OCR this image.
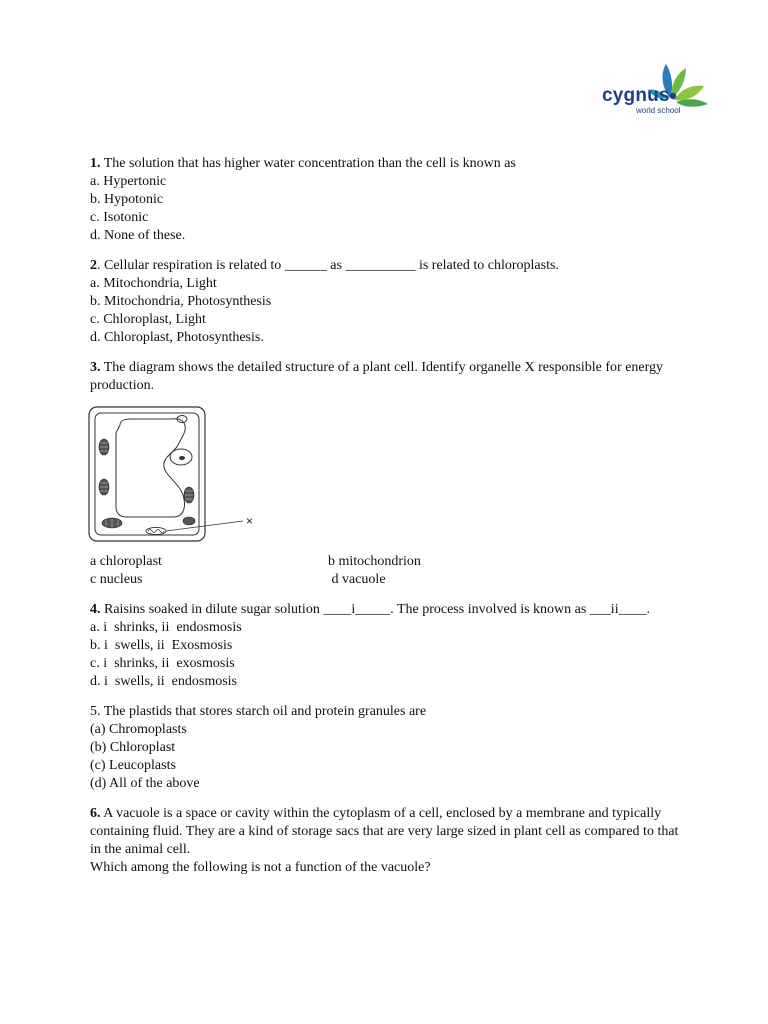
cygnus
world school
1. The solution that has higher water concentration than the cell is known as
a. Hypertonic
b. Hypotonic
c. Isotonic
d. None of these.
2. Cellular respiration is related to ______ as __________ is related to chloroplasts.
a. Mitochondria, Light
b. Mitochondria, Photosynthesis
c. Chloroplast, Light
d. Chloroplast, Photosynthesis.
3. The diagram shows the detailed structure of a plant cell. Identify organelle X responsible for energy production.
×
a chloroplast	b mitochondrion
c nucleus	d vacuole
4. Raisins soaked in dilute sugar solution ____i_____. The process involved is known as ___ii____.
a. i  shrinks, ii  endosmosis
b. i  swells, ii  Exosmosis
c. i  shrinks, ii  exosmosis
d. i  swells, ii  endosmosis
5. The plastids that stores starch oil and protein granules are
(a) Chromoplasts
(b) Chloroplast
(c) Leucoplasts
(d) All of the above
6. A vacuole is a space or cavity within the cytoplasm of a cell, enclosed by a membrane and typically containing fluid. They are a kind of storage sacs that are very large sized in plant cell as compared to that in the animal cell.
Which among the following is not a function of the vacuole?
